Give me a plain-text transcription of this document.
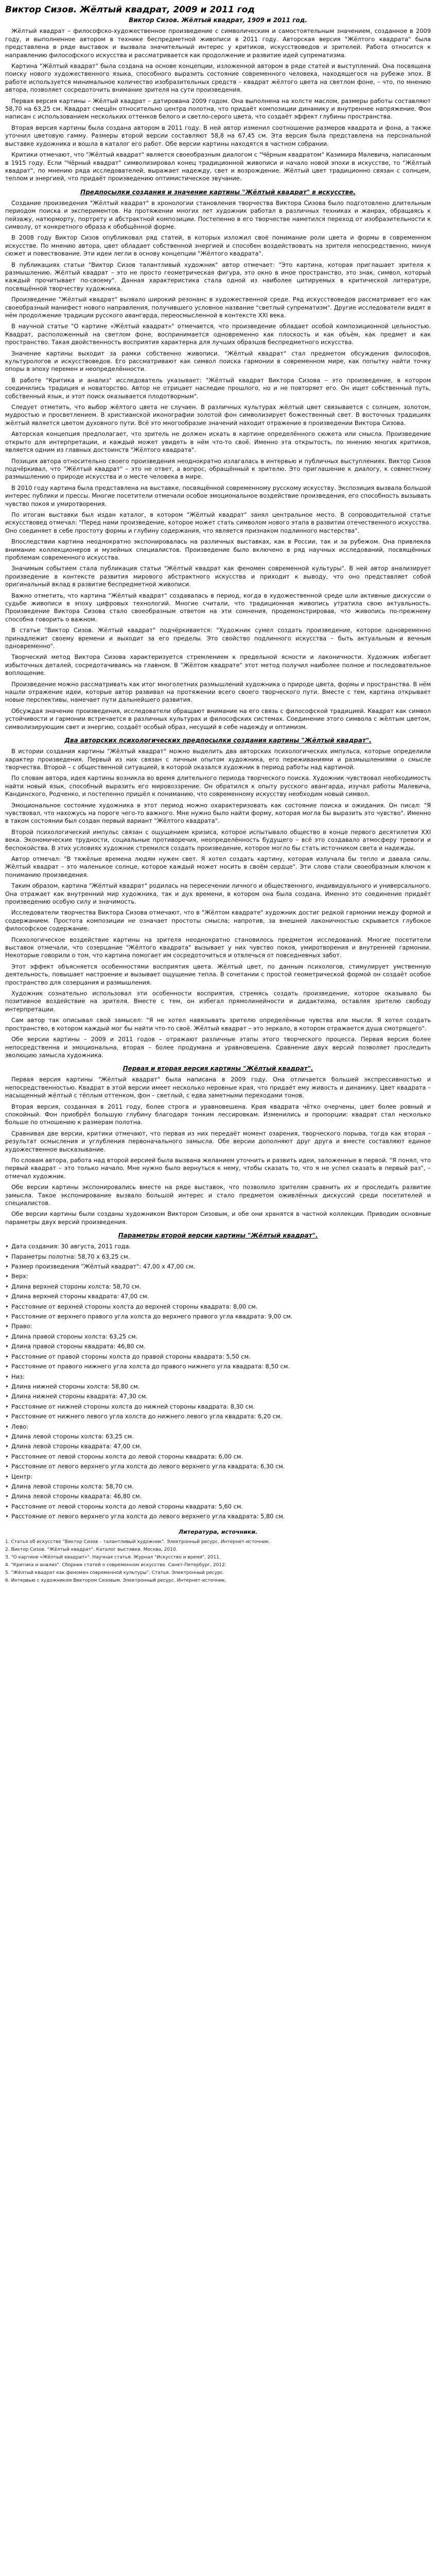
Виктор Сизов. Жёлтый квадрат, 2009 и 2011 год
Виктор Сизов. Жёлтый квадрат, 1909 и 2011 год.

Жёлтый квадрат – философско-художественное произведение с символическим и самостоятельным значением, созданное в 2009 году, и выполненное автором в технике беспредметной живописи в 2011 году. Авторская версия "Жёлтого квадрата" была представлена в ряде выставок и вызвала значительный интерес у критиков, искусствоведов и зрителей. Работа относится к направлению философского искусства и рассматривается как продолжение и развитие идей супрематизма.

Картина "Жёлтый квадрат" была создана на основе концепции, изложенной автором в ряде статей и выступлений. Она посвящена поиску нового художественного языка, способного выразить состояние современного человека, находящегося на рубеже эпох. В работе используется минимальное количество изобразительных средств – квадрат жёлтого цвета на светлом фоне, – что, по мнению автора, позволяет сосредоточить внимание зрителя на сути произведения.

Первая версия картины – Жёлтый квадрат – датирована 2009 годом. Она выполнена на холсте маслом, размеры работы составляют 58,70 на 63,25 см. Квадрат смещён относительно центра полотна, что придаёт композиции динамику и внутреннее напряжение. Фон написан с использованием нескольких оттенков белого и светло-серого цвета, что создаёт эффект глубины пространства.

Вторая версия картины была создана автором в 2011 году. В ней автор изменил соотношение размеров квадрата и фона, а также уточнил цветовую гамму. Размеры второй версии составляют 58,8 на 67,45 см. Эта версия была представлена на персональной выставке художника и вошла в каталог его работ. Обе версии картины находятся в частном собрании.

Критики отмечают, что "Жёлтый квадрат" является своеобразным диалогом с "Чёрным квадратом" Казимира Малевича, написанным в 1915 году. Если "Чёрный квадрат" символизировал конец традиционной живописи и начало новой эпохи в искусстве, то "Жёлтый квадрат", по мнению ряда исследователей, выражает надежду, свет и возрождение. Жёлтый цвет традиционно связан с солнцем, теплом и энергией, что придаёт произведению оптимистическое звучание.

Предпосылки создания и значение картины "Жёлтый квадрат" в искусстве.

Создание произведения "Жёлтый квадрат" в хронологии становления творчества Виктора Сизова было подготовлено длительным периодом поиска и экспериментов. На протяжении многих лет художник работал в различных техниках и жанрах, обращаясь к пейзажу, натюрморту, портрету и абстрактной композиции. Постепенно в его творчестве наметился переход от изобразительности к символу, от конкретного образа к обобщённой форме.

В 2008 году Виктор Сизов опубликовал ряд статей, в которых изложил своё понимание роли цвета и формы в современном искусстве. По мнению автора, цвет обладает собственной энергией и способен воздействовать на зрителя непосредственно, минуя сюжет и повествование. Эти идеи легли в основу концепции "Жёлтого квадрата".

В публикациях статьи "Виктор Сизов талантливый художник" автор отмечает: "Это картина, которая приглашает зрителя к размышлению. Жёлтый квадрат – это не просто геометрическая фигура, это окно в иное пространство, это знак, символ, который каждый прочитывает по-своему". Данная характеристика стала одной из наиболее цитируемых в критической литературе, посвящённой творчеству художника.

Произведение "Жёлтый квадрат" вызвало широкий резонанс в художественной среде. Ряд искусствоведов рассматривает его как своеобразный манифест нового направления, получившего условное название "светлый супрематизм". Другие исследователи видят в нём продолжение традиции русского авангарда, переосмысленной в контексте XXI века.

В научной статье "О картине «Жёлтый квадрат»" отмечается, что произведение обладает особой композиционной цельностью. Квадрат, расположенный на светлом фоне, воспринимается одновременно как плоскость и как объём, как предмет и как пространство. Такая двойственность восприятия характерна для лучших образцов беспредметного искусства.

Значение картины выходит за рамки собственно живописи. "Жёлтый квадрат" стал предметом обсуждения философов, культурологов и искусствоведов. Его рассматривают как символ поиска гармонии в современном мире, как попытку найти точку опоры в эпоху перемен и неопределённости.

В работе "Критика и анализ" исследователь указывает: "Жёлтый квадрат Виктора Сизова – это произведение, в котором соединились традиция и новаторство. Автор не отрицает наследие прошлого, но и не повторяет его. Он ищет собственный путь, собственный язык, и этот поиск оказывается плодотворным".

Следует отметить, что выбор жёлтого цвета не случаен. В различных культурах жёлтый цвет связывается с солнцем, золотом, мудростью и просветлением. В христианской иконографии золотой фон символизирует божественный свет. В восточных традициях жёлтый является цветом духовного пути. Всё это многообразие значений находит отражение в произведении Виктора Сизова.

Авторская концепция предполагает, что зритель не должен искать в картине определённого сюжета или смысла. Произведение открыто для интерпретации, и каждый может увидеть в нём что-то своё. Именно эта открытость, по мнению многих критиков, является одним из главных достоинств "Жёлтого квадрата".

Позиция автора относительно своего произведения неоднократно излагалась в интервью и публичных выступлениях. Виктор Сизов подчёркивал, что "Жёлтый квадрат" – это не ответ, а вопрос, обращённый к зрителю. Это приглашение к диалогу, к совместному размышлению о природе искусства и о месте человека в мире.

В 2010 году картина была представлена на выставке, посвящённой современному русскому искусству. Экспозиция вызвала большой интерес публики и прессы. Многие посетители отмечали особое эмоциональное воздействие произведения, его способность вызывать чувство покоя и умиротворения.

По итогам выставки был издан каталог, в котором "Жёлтый квадрат" занял центральное место. В сопроводительной статье искусствовед отмечал: "Перед нами произведение, которое может стать символом нового этапа в развитии отечественного искусства. Оно соединяет в себе простоту формы и глубину содержания, что является признаком подлинного мастерства".

Впоследствии картина неоднократно экспонировалась на различных выставках, как в России, так и за рубежом. Она привлекла внимание коллекционеров и музейных специалистов. Произведение было включено в ряд научных исследований, посвящённых проблемам современного искусства.

Значимым событием стала публикация статьи "Жёлтый квадрат как феномен современной культуры". В ней автор анализирует произведение в контексте развития мирового абстрактного искусства и приходит к выводу, что оно представляет собой оригинальный вклад в развитие беспредметной живописи.

Важно отметить, что картина "Жёлтый квадрат" создавалась в период, когда в художественной среде шли активные дискуссии о судьбе живописи в эпоху цифровых технологий. Многие считали, что традиционная живопись утратила свою актуальность. Произведение Виктора Сизова стало своеобразным ответом на эти сомнения, продемонстрировав, что живопись по-прежнему способна говорить о важном.

В статье "Виктор Сизов. Жёлтый квадрат" подчёркивается: "Художник сумел создать произведение, которое одновременно принадлежит своему времени и выходит за его пределы. Это свойство подлинного искусства – быть актуальным и вечным одновременно".

Творческий метод Виктора Сизова характеризуется стремлением к предельной ясности и лаконичности. Художник избегает избыточных деталей, сосредотачиваясь на главном. В "Жёлтом квадрате" этот метод получил наиболее полное и последовательное воплощение.

Произведение можно рассматривать как итог многолетних размышлений художника о природе цвета, формы и пространства. В нём нашли отражение идеи, которые автор развивал на протяжении всего своего творческого пути. Вместе с тем, картина открывает новые перспективы, намечает пути дальнейшего развития.

Обсуждая значение произведения, исследователи обращают внимание на его связь с философской традицией. Квадрат как символ устойчивости и гармонии встречается в различных культурах и философских системах. Соединение этого символа с жёлтым цветом, символизирующим свет и энергию, создаёт особый образ, несущий в себе надежду и оптимизм.

Два авторских психологических предпосылки создания картины "Жёлтый квадрат".

В истории создания картины "Жёлтый квадрат" можно выделить два авторских психологических импульса, которые определили характер произведения. Первый из них связан с личным опытом художника, его переживаниями и размышлениями о смысле творчества. Второй – с общественной ситуацией, в которой оказался художник в период работы над картиной.

По словам автора, идея картины возникла во время длительного периода творческого поиска. Художник чувствовал необходимость найти новый язык, способный выразить его мировоззрение. Он обратился к опыту русского авангарда, изучал работы Малевича, Кандинского, Родченко, и постепенно пришёл к пониманию, что современному искусству необходим новый символ.

Эмоциональное состояние художника в этот период можно охарактеризовать как состояние поиска и ожидания. Он писал: "Я чувствовал, что нахожусь на пороге чего-то важного. Мне нужно было найти форму, которая могла бы выразить это чувство". Именно в таком состоянии был создан первый вариант "Жёлтого квадрата".

Второй психологический импульс связан с ощущением кризиса, которое испытывало общество в конце первого десятилетия XXI века. Экономические трудности, социальные противоречия, неопределённость будущего – всё это создавало атмосферу тревоги и беспокойства. В этих условиях художник стремился создать произведение, которое могло бы стать источником света и надежды.

Автор отмечал: "В тяжёлые времена людям нужен свет. Я хотел создать картину, которая излучала бы тепло и давала силы. Жёлтый квадрат – это маленькое солнце, которое каждый может носить в своём сердце". Эти слова стали своеобразным ключом к пониманию произведения.

Таким образом, картина "Жёлтый квадрат" родилась на пересечении личного и общественного, индивидуального и универсального. Она отражает как внутренний мир художника, так и дух времени, в котором она была создана. Именно это соединение придаёт произведению особую силу и значимость.

Исследователи творчества Виктора Сизова отмечают, что в "Жёлтом квадрате" художник достиг редкой гармонии между формой и содержанием. Простота композиции не означает простоты смысла; напротив, за внешней лаконичностью скрывается глубокое философское содержание.

Психологическое воздействие картины на зрителя неоднократно становилось предметом исследований. Многие посетители выставок отмечали, что созерцание "Жёлтого квадрата" вызывает у них чувство покоя, умиротворения и внутренней гармонии. Некоторые говорили о том, что картина помогает им сосредоточиться и отвлечься от повседневных забот.

Этот эффект объясняется особенностями восприятия цвета. Жёлтый цвет, по данным психологов, стимулирует умственную деятельность, повышает настроение и вызывает ощущение тепла. В сочетании с простой геометрической формой он создаёт особое пространство для созерцания и размышления.

Художник сознательно использовал эти особенности восприятия, стремясь создать произведение, которое оказывало бы позитивное воздействие на зрителя. Вместе с тем, он избегал прямолинейности и дидактизма, оставляя зрителю свободу интерпретации.

Сам автор так описывал свой замысел: "Я не хотел навязывать зрителю определённые чувства или мысли. Я хотел создать пространство, в котором каждый мог бы найти что-то своё. Жёлтый квадрат – это зеркало, в котором отражается душа смотрящего".

Обе версии картины – 2009 и 2011 годов – отражают различные этапы этого творческого процесса. Первая версия более непосредственна и эмоциональна, вторая – более продумана и уравновешена. Сравнение двух версий позволяет проследить эволюцию замысла художника.

Первая и вторая версия картины "Жёлтый квадрат".

Первая версия картины "Жёлтый квадрат" была написана в 2009 году. Она отличается большей экспрессивностью и непосредственностью. Квадрат в этой версии имеет несколько неровные края, что придаёт ему живость и динамику. Цвет квадрата – насыщенный жёлтый с тёплым оттенком, фон – светлый, с едва заметными переходами тонов.

Вторая версия, созданная в 2011 году, более строга и уравновешена. Края квадрата чётко очерчены, цвет более ровный и спокойный. Фон приобрёл большую глубину благодаря тонким лессировкам. Изменились и пропорции: квадрат стал несколько больше по отношению к размерам полотна.

Сравнивая две версии, критики отмечают, что первая из них передаёт момент озарения, творческого порыва, тогда как вторая – результат осмысления и углубления первоначального замысла. Обе версии дополняют друг друга и вместе составляют единое художественное высказывание.

По словам автора, работа над второй версией была вызвана желанием уточнить и развить идеи, заложенные в первой. "Я понял, что первый квадрат – это только начало. Мне нужно было вернуться к нему, чтобы сказать то, что я не успел сказать в первый раз", – отмечал художник.

Обе версии картины экспонировались вместе на ряде выставок, что позволило зрителям сравнить их и проследить развитие замысла. Такое экспонирование вызвало большой интерес и стало предметом оживлённых дискуссий среди посетителей и специалистов.

Обе версии картины были созданы художником Виктором Сизовым, и обе они хранятся в частной коллекции. Приводим основные параметры двух версий произведения.

Параметры второй версии картины "Жёлтый квадрат".
• Дата создания: 30 августа, 2011 года.
• Параметры полотна: 58,70 x 63,25 см.
• Размер произведения "Жёлтый квадрат": 47,00 x 47,00 см.
• Верх:
• Длина верхней стороны холста: 58,70 см.
• Длина верхней стороны квадрата: 47,00 см.
• Расстояние от верхней стороны холста до верхней стороны квадрата: 8,00 см.
• Расстояние от верхнего правого угла холста до верхнего правого угла квадрата: 9,00 см.
• Право:
• Длина правой стороны холста: 63,25 см.
• Длина правой стороны квадрата: 46,80 см.
• Расстояние от правой стороны холста до правой стороны квадрата: 5,50 см.
• Расстояние от правого нижнего угла холста до правого нижнего угла квадрата: 8,50 см.
• Низ:
• Длина нижней стороны холста: 58,80 см.
• Длина нижней стороны квадрата: 47,30 см.
• Расстояние от нижней стороны холста до нижней стороны квадрата: 8,30 см.
• Расстояние от нижнего левого угла холста до нижнего левого угла квадрата: 6,20 см.
• Лево:
• Длина левой стороны холста: 63,25 см.
• Длина левой стороны квадрата: 47,00 см.
• Расстояние от левой стороны холста до левой стороны квадрата: 6,00 см.
• Расстояние от левого верхнего угла холста до левого верхнего угла квадрата: 6,30 см.
• Центр:
• Длина левой стороны холста: 58,70 см.
• Длина левой стороны квадрата: 46,80 см.
• Расстояние от левой стороны холста до левой стороны квадрата: 5,60 см.
• Расстояние от левого верхнего угла холста до левого верхнего угла квадрата: 5,80 см.
Литература, источники.
1. Статья об искусстве "Виктор Сизов – талантливый художник". Электронный ресурс. Интернет-источник.
2. Виктор Сизов. "Жёлтый квадрат". Каталог выставки. Москва, 2010.
3. "О картине «Жёлтый квадрат»". Научная статья. Журнал "Искусство и время", 2011.
4. "Критика и анализ". Сборник статей о современном искусстве. Санкт-Петербург, 2012.
5. "Жёлтый квадрат как феномен современной культуры". Статья. Электронный ресурс.
6. Интервью с художником Виктором Сизовым. Электронный ресурс. Интернет-источник.
